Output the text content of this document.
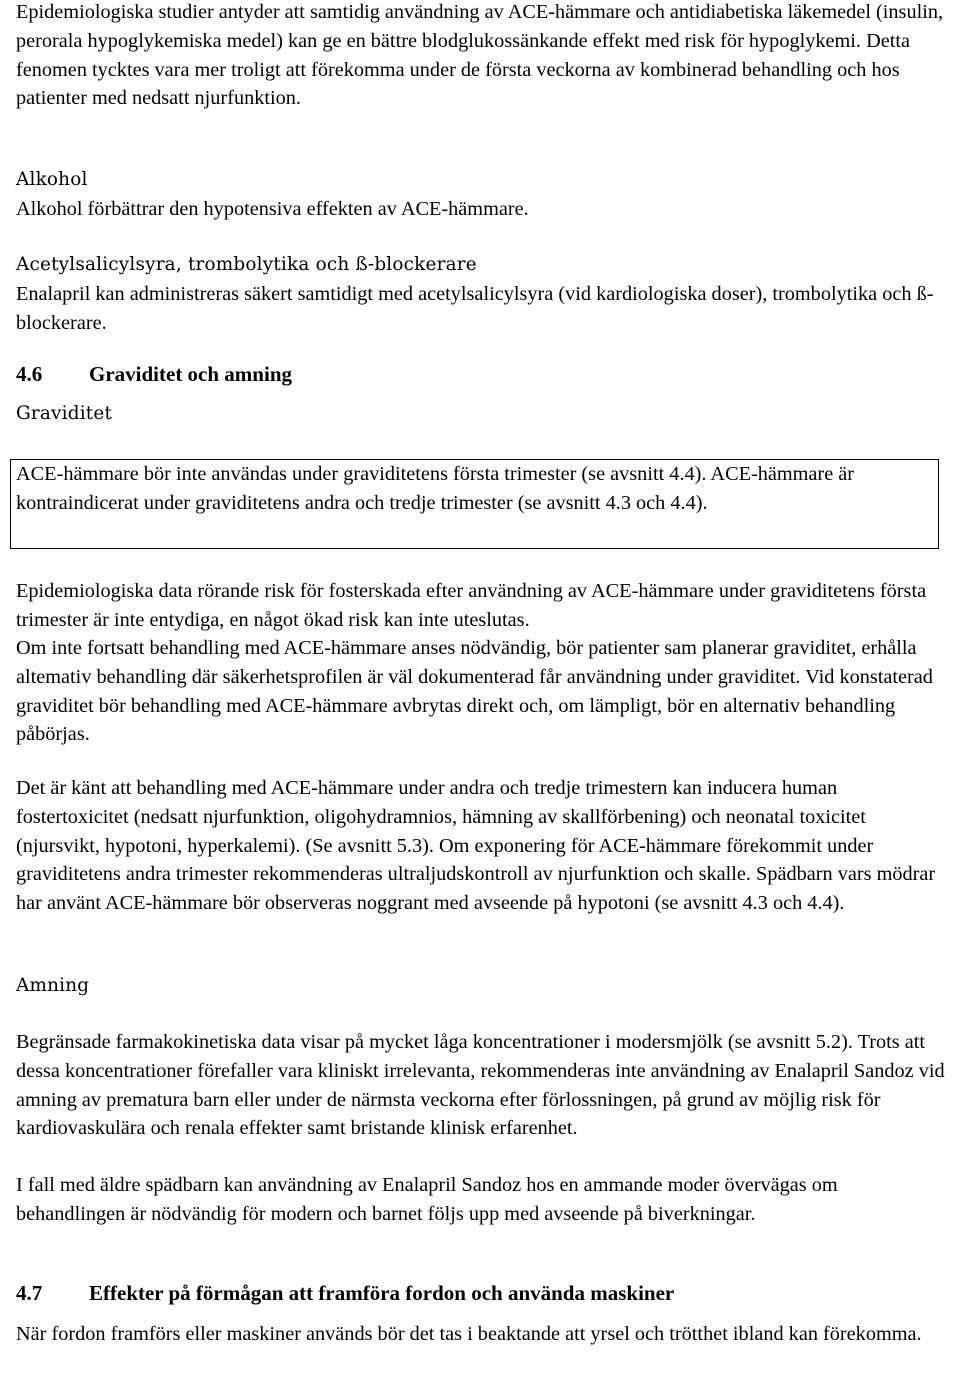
Epidemiologiska studier antyder att samtidig användning av ACE-hämmare och antidiabetiska läkemedel (insulin, perorala hypoglykemiska medel) kan ge en bättre blodglukossänkande effekt med risk för hypoglykemi. Detta fenomen tycktes vara mer troligt att förekomma under de första veckorna av kombinerad behandling och hos patienter med nedsatt njurfunktion.

Alkohol

Alkohol förbättrar den hypotensiva effekten av ACE-hämmare.

Acetylsalicylsyra, trombolytika och ß-blockerare

Enalapril kan administreras säkert samtidigt med acetylsalicylsyra (vid kardiologiska doser), trombolytika och ß-blockerare.

4.6 Graviditet och amning

Graviditet

ACE-hämmare bör inte användas under graviditetens första trimester (se avsnitt 4.4). ACE-hämmare är kontraindicerat under graviditetens andra och tredje trimester (se avsnitt 4.3 och 4.4).

Epidemiologiska data rörande risk för fosterskada efter användning av ACE-hämmare under graviditetens första trimester är inte entydiga, en något ökad risk kan inte uteslutas.

Om inte fortsatt behandling med ACE-hämmare anses nödvändig, bör patienter sam planerar graviditet, erhålla altemativ behandling där säkerhetsprofilen är väl dokumenterad får användning under graviditet. Vid konstaterad graviditet bör behandling med ACE-hämmare avbrytas direkt och, om lämpligt, bör en alternativ behandling påbörjas.

Det är känt att behandling med ACE-hämmare under andra och tredje trimestern kan inducera human fostertoxicitet (nedsatt njurfunktion, oligohydramnios, hämning av skallförbening) och neonatal toxicitet (njursvikt, hypotoni, hyperkalemi). (Se avsnitt 5.3). Om exponering för ACE-hämmare förekommit under graviditetens andra trimester rekommenderas ultraljudskontroll av njurfunktion och skalle. Spädbarn vars mödrar har använt ACE-hämmare bör observeras noggrant med avseende på hypotoni (se avsnitt 4.3 och 4.4).

Amning

Begränsade farmakokinetiska data visar på mycket låga koncentrationer i modersmjölk (se avsnitt 5.2). Trots att dessa koncentrationer förefaller vara kliniskt irrelevanta, rekommenderas inte användning av Enalapril Sandoz vid amning av prematura barn eller under de närmsta veckorna efter förlossningen, på grund av möjlig risk för kardiovaskulära och renala effekter samt bristande klinisk erfarenhet.

I fall med äldre spädbarn kan användning av Enalapril Sandoz hos en ammande moder övervägas om behandlingen är nödvändig för modern och barnet följs upp med avseende på biverkningar.

4.7 Effekter på förmågan att framföra fordon och använda maskiner

När fordon framförs eller maskiner används bör det tas i beaktande att yrsel och trötthet ibland kan förekomma.
